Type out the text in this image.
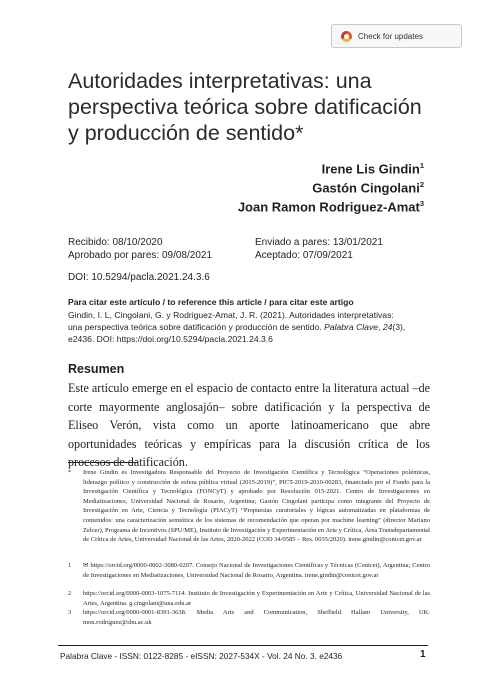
Check for updates
Autoridades interpretativas: una
perspectiva teórica sobre datificación
y producción de sentido*
Irene Lis Gindin$^1$
Gastón Cingolani$^2$
Joan Ramon Rodriguez-Amat$^3$
Recibido: 08/10/2020	Enviado a pares: 13/01/2021
Aprobado por pares: 09/08/2021	Aceptado: 07/09/2021
DOI: 10.5294/pacla.2021.24.3.6
Para citar este artículo / to reference this article / para citar este artigo
Gindin, I. L, Cingolani, G. y Rodriguez-Amat, J. R. (2021). Autoridades interpretativas:
una perspectiva teórica sobre datificación y producción de sentido. Palabra Clave, 24(3),
e2436. DOI: https://doi.org/10.5294/pacla.2021.24.3.6
Resumen
Este artículo emerge en el espacio de contacto entre la literatura actual –de corte mayormente anglosajón– sobre datificación y la perspectiva de Eliseo Verón, vista como un aporte latinoamericano que abre oportunidades teóricas y empíricas para la discusión crítica de los procesos de datificación.
* Irene Gindin es Investigadora Responsable del Proyecto de Investigación Científica y Tecnológica “Operaciones polémicas, liderazgo político y construcción de esfera pública virtual (2015-2019)”, PICT-2019-2019-00283, financiado por el Fondo para la Investigación Científica y Tecnológica (FONCyT) y aprobado por Resolución 015-2021. Centro de Investigaciones en Mediatizaciones, Universidad Nacional de Rosario, Argentina; Gastón Cingolani participa como integrante del Proyecto de Investigación en Arte, Ciencia y Tecnología (PIACyT) “Propuestas curatoriales y lógicas automatizadas en plataformas de contenidos: una caracterización semiótica de los sistemas de recomendación que operan por machine learning” (director Mariano Zelcer), Programa de Incentivos (SPU/ME), Instituto de Investigación y Experimentación en Arte y Crítica, Área Transdepartamental de Crítica de Artes, Universidad Nacional de las Artes, 2020-2022 (COD 34/0585 – Res. 0035/2020). irene.gindin@conicet.gov.ar
1 ✉ https://orcid.org/0000-0002-3080-0207. Consejo Nacional de Investigaciones Científicas y Técnicas (Conicet), Argentina; Centro de Investigaciones en Mediatizaciones, Universidad Nacional de Rosario, Argentina. irene.gindin@conicet.gov.ar
2 https://orcid.org/0000-0003-1075-7114. Instituto de Investigación y Experimentación en Arte y Crítica, Universidad Nacional de las Artes, Argentina. g.cingolani@una.edu.ar
3 https://orcid.org/0000-0001-8391-3638. Media Arts and Communication, Sheffield Hallam University, UK. mon.rodriguez@shu.ac.uk
Palabra Clave - ISSN: 0122-8285 - eISSN: 2027-534X - Vol. 24 No. 3. e2436	1
